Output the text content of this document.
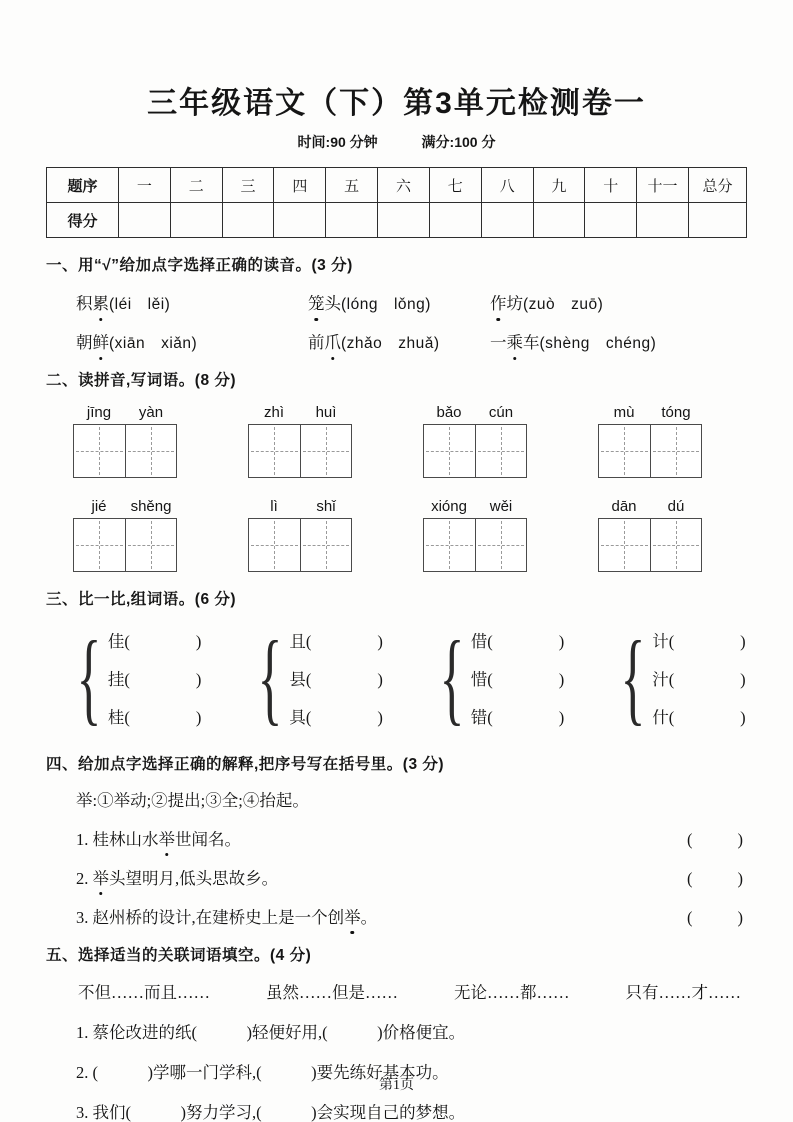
三年级语文（下）第3单元检测卷一
时间:90 分钟	满分:100 分
题序	一	二	三	四	五	六	七	八	九	十	十一	总分
得分												
一、用“√”给加点字选择正确的读音。(3 分)
积 累 (léi　lěi)	笼 头 (lóng　lǒng)	作 坊 (zuò　zuō)
朝 鲜 (xiān　xiǎn)	前 爪 (zhǎo　zhuǎ)	一 乘 车 (shèng　chéng)
二、读拼音,写词语。(8 分)
jīng	yàn	zhì	huì	bǎo	cún	mù	tóng
jié	shěng	lì	shǐ	xióng	wěi	dān	dú
三、比一比,组词语。(6 分)
{ 佳(　　　　)
挂(　　　　)
桂(　　　　) { 且(　　　　)
县(　　　　)
具(　　　　) { 借(　　　　)
惜(　　　　)
错(　　　　) { 计(　　　　)
汁(　　　　)
什(　　　　)
四、给加点字选择正确的解释,把序号写在括号里。(3 分)
举:①举动;②提出;③全;④抬起。
1. 桂林山水举世闻名。	(　　)
2. 举头望明月,低头思故乡。	(　　)
3. 赵州桥的设计,在建桥史上是一个创举。	(　　)
五、选择适当的关联词语填空。(4 分)
不但……而且……	虽然……但是……	无论……都……	只有……才……
1. 蔡伦改进的纸(　　　)轻便好用,(　　　)价格便宜。
2. (　　　)学哪一门学科,(　　　)要先练好基本功。
3. 我们(　　　)努力学习,(　　　)会实现自己的梦想。
第1页
